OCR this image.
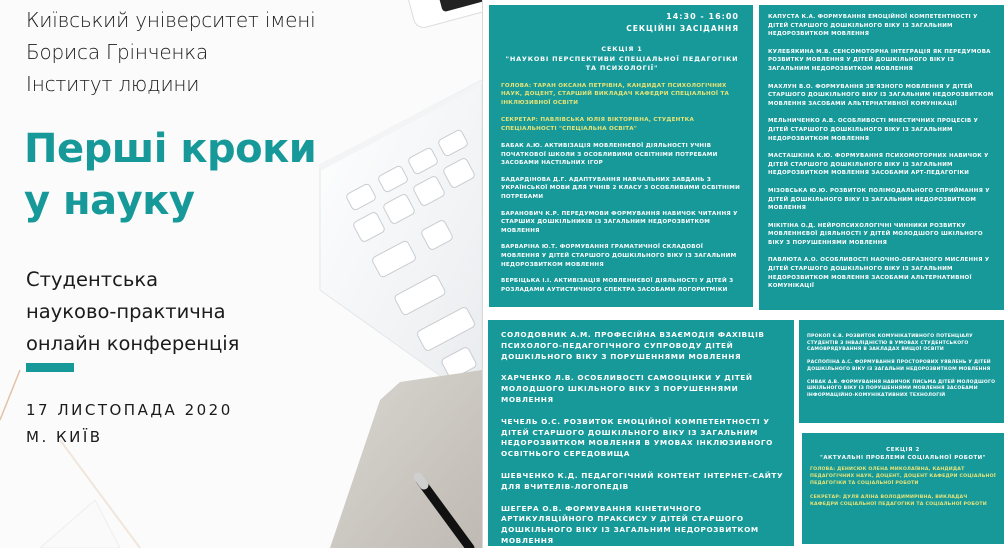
Київський університет імені
Бориса Грінченка
Інститут людини
Перші кроки
у науку
Студентська
науково-практична
онлайн конференція
17 ЛИСТОПАДА 2020
М. КИЇВ
14:30 - 16:00
СЕКЦІЙНІ ЗАСІДАННЯ
СЕКЦІЯ 1
"НАУКОВІ ПЕРСПЕКТИВИ СПЕЦІАЛЬНОЇ ПЕДАГОГІКИ ТА ПСИХОЛОГІЇ"
ГОЛОВА: ТАРАН ОКСАНА ПЕТРІВНА, КАНДИДАТ ПСИХОЛОГІЧНИХ НАУК, ДОЦЕНТ, СТАРШИЙ ВИКЛАДАЧ КАФЕДРИ СПЕЦІАЛЬНОЇ ТА ІНКЛЮЗИВНОЇ ОСВІТИ
СЕКРЕТАР: ПАВЛІВСЬКА ЮЛІЯ ВІКТОРІВНА, СТУДЕНТКА СПЕЦІАЛЬНОСТІ "СПЕЦІАЛЬНА ОСВІТА"
БАБАК А.Ю. АКТИВІЗАЦІЯ МОВЛЕННЄВОЇ ДІЯЛЬНОСТІ УЧНІВ ПОЧАТКОВОЇ ШКОЛИ З ОСОБЛИВИМИ ОСВІТНІМИ ПОТРЕБАМИ ЗАСОБАМИ НАСТІЛЬНИХ ІГОР
БАДАРДІНОВА Д.Г. АДАПТУВАННЯ НАВЧАЛЬНИХ ЗАВДАНЬ З УКРАЇНСЬКОЇ МОВИ ДЛЯ УЧНІВ 2 КЛАСУ З ОСОБЛИВИМИ ОСВІТНІМИ ПОТРЕБАМИ
БАРАНОВИЧ К.Р. ПЕРЕДУМОВИ ФОРМУВАННЯ НАВИЧОК ЧИТАННЯ У СТАРШИХ ДОШКІЛЬНИКІВ ІЗ ЗАГАЛЬНИМ НЕДОРОЗВИТКОМ МОВЛЕННЯ
ВАРВАРІНА Ю.Т. ФОРМУВАННЯ ГРАМАТИЧНОЇ СКЛАДОВОЇ МОВЛЕННЯ У ДІТЕЙ СТАРШОГО ДОШКІЛЬНОГО ВІКУ ІЗ ЗАГАЛЬНИМ НЕДОРОЗВИТКОМ МОВЛЕННЯ
ВЕРБІЦЬКА І.І. АКТИВІЗАЦІЯ МОВЛЕННЄВОЇ ДІЯЛЬНОСТІ У ДІТЕЙ З РОЗЛАДАМИ АУТИСТИЧНОГО СПЕКТРА ЗАСОБАМИ ЛОГОРИТМІКИ
КАПУСТА К.А. ФОРМУВАННЯ ЕМОЦІЙНОЇ КОМПЕТЕНТНОСТІ У ДІТЕЙ СТАРШОГО ДОШКІЛЬНОГО ВІКУ ІЗ ЗАГАЛЬНИМ НЕДОРОЗВИТКОМ МОВЛЕННЯ
КУЛЕБЯКИНА М.В. СЕНСОМОТОРНА ІНТЕГРАЦІЯ ЯК ПЕРЕДУМОВА РОЗВИТКУ МОВЛЕННЯ У ДІТЕЙ ДОШКІЛЬНОГО ВІКУ ІЗ ЗАГАЛЬНИМ НЕДОРОЗВИТКОМ МОВЛЕННЯ
МАХЛУН В.О. ФОРМУВАННЯ ЗВ'ЯЗНОГО МОВЛЕННЯ У ДІТЕЙ СТАРШОГО ДОШКІЛЬНОГО ВІКУ ІЗ ЗАГАЛЬНИМ НЕДОРОЗВИТКОМ МОВЛЕННЯ ЗАСОБАМИ АЛЬТЕРНАТИВНОЇ КОМУНІКАЦІЇ
МЕЛЬНИЧЕНКО А.В. ОСОБЛИВОСТІ МНЕСТИЧНИХ ПРОЦЕСІВ У ДІТЕЙ СТАРШОГО ДОШКІЛЬНОГО ВІКУ ІЗ ЗАГАЛЬНИМ НЕДОРОЗВИТКОМ МОВЛЕННЯ
МАСТАШКІНА К.Ю. ФОРМУВАННЯ ПСИХОМОТОРНИХ НАВИЧОК У ДІТЕЙ СТАРШОГО ДОШКІЛЬНОГО ВІКУ ІЗ ЗАГАЛЬНИМ НЕДОРОЗВИТКОМ МОВЛЕННЯ ЗАСОБАМИ АРТ-ПЕДАГОГІКИ
МІЗОВСЬКА Ю.Ю. РОЗВИТОК ПОЛІМОДАЛЬНОГО СПРИЙМАННЯ У ДІТЕЙ ДОШКІЛЬНОГО ВІКУ ІЗ ЗАГАЛЬНИМ НЕДОРОЗВИТКОМ МОВЛЕННЯ
МІКІТІНА О.Д. НЕЙРОПСИХОЛОГІЧНІ ЧИННИКИ РОЗВИТКУ МОВЛЕННЄВОЇ ДІЯЛЬНОСТІ У ДІТЕЙ МОЛОДШОГО ШКІЛЬНОГО ВІКУ З ПОРУШЕННЯМИ МОВЛЕННЯ
ПАВЛЮТА А.О. ОСОБЛИВОСТІ НАОЧНО-ОБРАЗНОГО МИСЛЕННЯ У ДІТЕЙ СТАРШОГО ДОШКІЛЬНОГО ВІКУ ІЗ ЗАГАЛЬНИМ НЕДОРОЗВИТКОМ МОВЛЕННЯ ЗАСОБАМИ АЛЬТЕРНАТИВНОЇ КОМУНІКАЦІЇ
СОЛОДОВНИК А.М. ПРОФЕСІЙНА ВЗАЄМОДІЯ ФАХІВЦІВ ПСИХОЛОГО-ПЕДАГОГІЧНОГО СУПРОВОДУ ДІТЕЙ ДОШКІЛЬНОГО ВІКУ З ПОРУШЕННЯМИ МОВЛЕННЯ
ХАРЧЕНКО Л.В. ОСОБЛИВОСТІ САМООЦІНКИ У ДІТЕЙ МОЛОДШОГО ШКІЛЬНОГО ВІКУ З ПОРУШЕННЯМИ МОВЛЕННЯ
ЧЕЧЕЛЬ О.С. РОЗВИТОК ЕМОЦІЙНОЇ КОМПЕТЕНТНОСТІ У ДІТЕЙ СТАРШОГО ДОШКІЛЬНОГО ВІКУ ІЗ ЗАГАЛЬНИМ НЕДОРОЗВИТКОМ МОВЛЕННЯ В УМОВАХ ІНКЛЮЗИВНОГО ОСВІТНЬОГО СЕРЕДОВИЩА
ШЕВЧЕНКО К.Д. ПЕДАГОГІЧНИЙ КОНТЕНТ ІНТЕРНЕТ-САЙТУ ДЛЯ ВЧИТЕЛІВ-ЛОГОПЕДІВ
ШЕГЕРА О.В. ФОРМУВАННЯ КІНЕТИЧНОГО АРТИКУЛЯЦІЙНОГО ПРАКСИСУ У ДІТЕЙ СТАРШОГО ДОШКІЛЬНОГО ВІКУ ІЗ ЗАГАЛЬНИМ НЕДОРОЗВИТКОМ МОВЛЕННЯ
ПРОКОП Є.В. РОЗВИТОК КОМУНІКАТИВНОГО ПОТЕНЦІАЛУ СТУДЕНТІВ З ІНВАЛІДНІСТЮ В УМОВАХ СТУДЕНТСЬКОГО САМОВРЯДУВАННЯ В ЗАКЛАДАХ ВИЩОЇ ОСВІТИ
РАСПОПІНА А.С. ФОРМУВАННЯ ПРОСТОРОВИХ УЯВЛЕНЬ У ДІТЕЙ ДОШКІЛЬНОГО ВІКУ ІЗ ЗАГАЛЬНИ НЕДОРОЗВИТКОМ МОВЛЕННЯ
СИВАК А.В. ФОРМУВАННЯ НАВИЧОК ПИСЬМА ДІТЕЙ МОЛОДШОГО ШКІЛЬНОГО ВІКУ ІЗ ПОРУШЕННЯМИ МОВЛЕННЯ ЗАСОБАМИ ІНФОРМАЦІЙНО-КОМУНІКАТИВНИХ ТЕХНОЛОГІЙ
СЕКЦІЯ 2
"АКТУАЛЬНІ ПРОБЛЕМИ СОЦІАЛЬНОЇ РОБОТИ"
ГОЛОВА: ДЕНИСЮК ОЛЕНА МИКОЛАЇВНА, КАНДИДАТ ПЕДАГОГІЧНИХ НАУК, ДОЦЕНТ, ДОЦЕНТ КАФЕДРИ СОЦІАЛЬНОЇ ПЕДАГОГІКИ ТА СОЦІАЛЬНОЇ РОБОТИ
СЕКРЕТАР: ДУЛЯ АЛІНА ВОЛОДИМИРІВНА, ВИКЛАДАЧ КАФЕДРИ СОЦІАЛЬНОЇ ПЕДАГОГІКИ ТА СОЦІАЛЬНОЇ РОБОТИ
